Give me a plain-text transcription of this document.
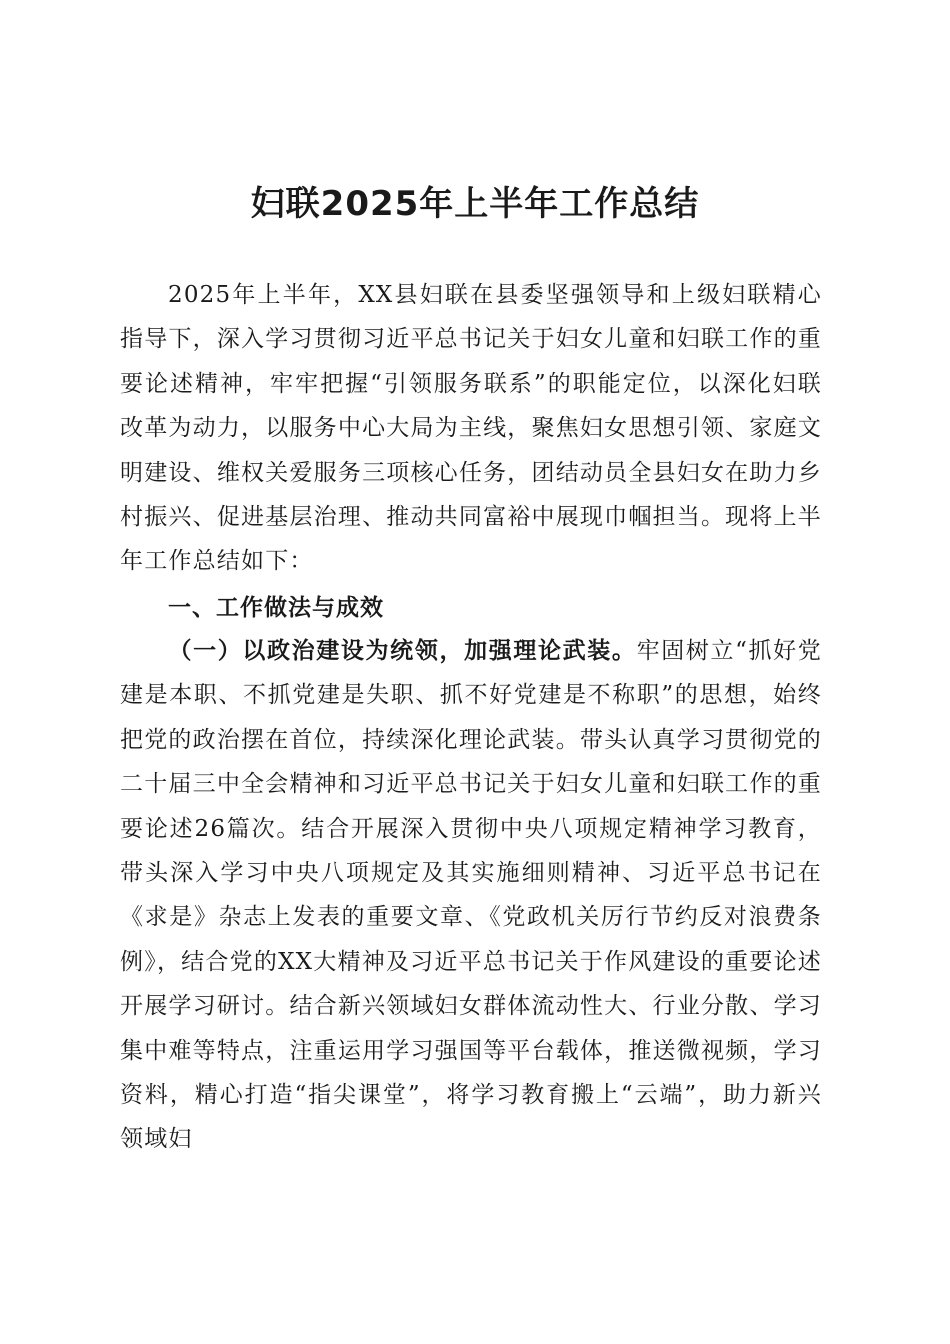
妇联2025年上半年工作总结
2025年上半年，XX县妇联在县委坚强领导和上级妇联精心指导下，深入学习贯彻习近平总书记关于妇女儿童和妇联工作的重要论述精神，牢牢把握“引领服务联系”的职能定位，以深化妇联改革为动力，以服务中心大局为主线，聚焦妇女思想引领、家庭文明建设、维权关爱服务三项核心任务，团结动员全县妇女在助力乡村振兴、促进基层治理、推动共同富裕中展现巾帼担当。现将上半年工作总结如下：
一、工作做法与成效
（一）以政治建设为统领，加强理论武装。牢固树立“抓好党建是本职、不抓党建是失职、抓不好党建是不称职”的思想，始终把党的政治摆在首位，持续深化理论武装。带头认真学习贯彻党的二十届三中全会精神和习近平总书记关于妇女儿童和妇联工作的重要论述26篇次。结合开展深入贯彻中央八项规定精神学习教育，带头深入学习中央八项规定及其实施细则精神、习近平总书记在《求是》杂志上发表的重要文章、《党政机关厉行节约反对浪费条例》，结合党的XX大精神及习近平总书记关于作风建设的重要论述开展学习研讨。结合新兴领域妇女群体流动性大、行业分散、学习集中难等特点，注重运用学习强国等平台载体，推送微视频，学习资料，精心打造“指尖课堂”，将学习教育搬上“云端”，助力新兴领域妇
